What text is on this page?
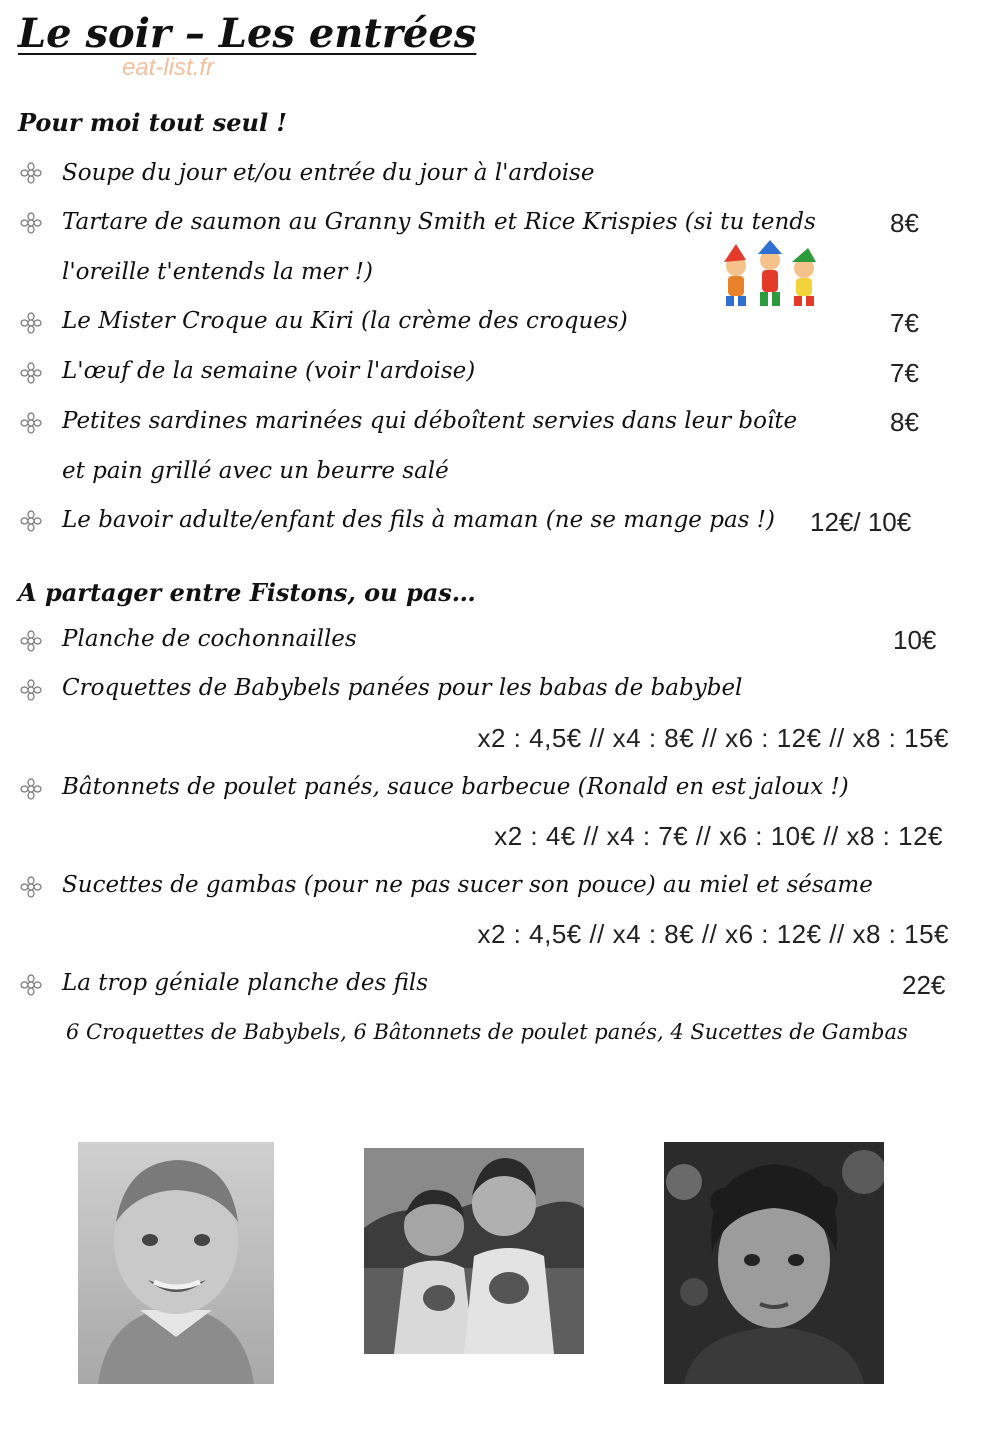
Le soir – Les entrées
eat-list.fr
Pour moi tout seul !
Soupe du jour et/ou entrée du jour à l'ardoise
Tartare de saumon au Granny Smith et Rice Krispies (si tu tends
l'oreille t'entends la mer !)
8€
Le Mister Croque au Kiri (la crème des croques)	7€
L'œuf de la semaine (voir l'ardoise)	7€
Petites sardines marinées qui déboîtent servies dans leur boîte
et pain grillé avec un beurre salé
8€
Le bavoir adulte/enfant des fils à maman (ne se mange pas !) 12€/ 10€
A partager entre Fistons, ou pas…
Planche de cochonnailles	10€
Croquettes de Babybels panées pour les babas de babybel
x2 : 4,5€ // x4 : 8€ // x6 : 12€ // x8 : 15€
Bâtonnets de poulet panés, sauce barbecue (Ronald en est jaloux !)
x2 : 4€ // x4 : 7€ // x6 : 10€ // x8 : 12€
Sucettes de gambas (pour ne pas sucer son pouce) au miel et sésame
x2 : 4,5€ // x4 : 8€ // x6 : 12€ // x8 : 15€
La trop géniale planche des fils
6 Croquettes de Babybels, 6 Bâtonnets de poulet panés, 4 Sucettes de Gambas
22€
